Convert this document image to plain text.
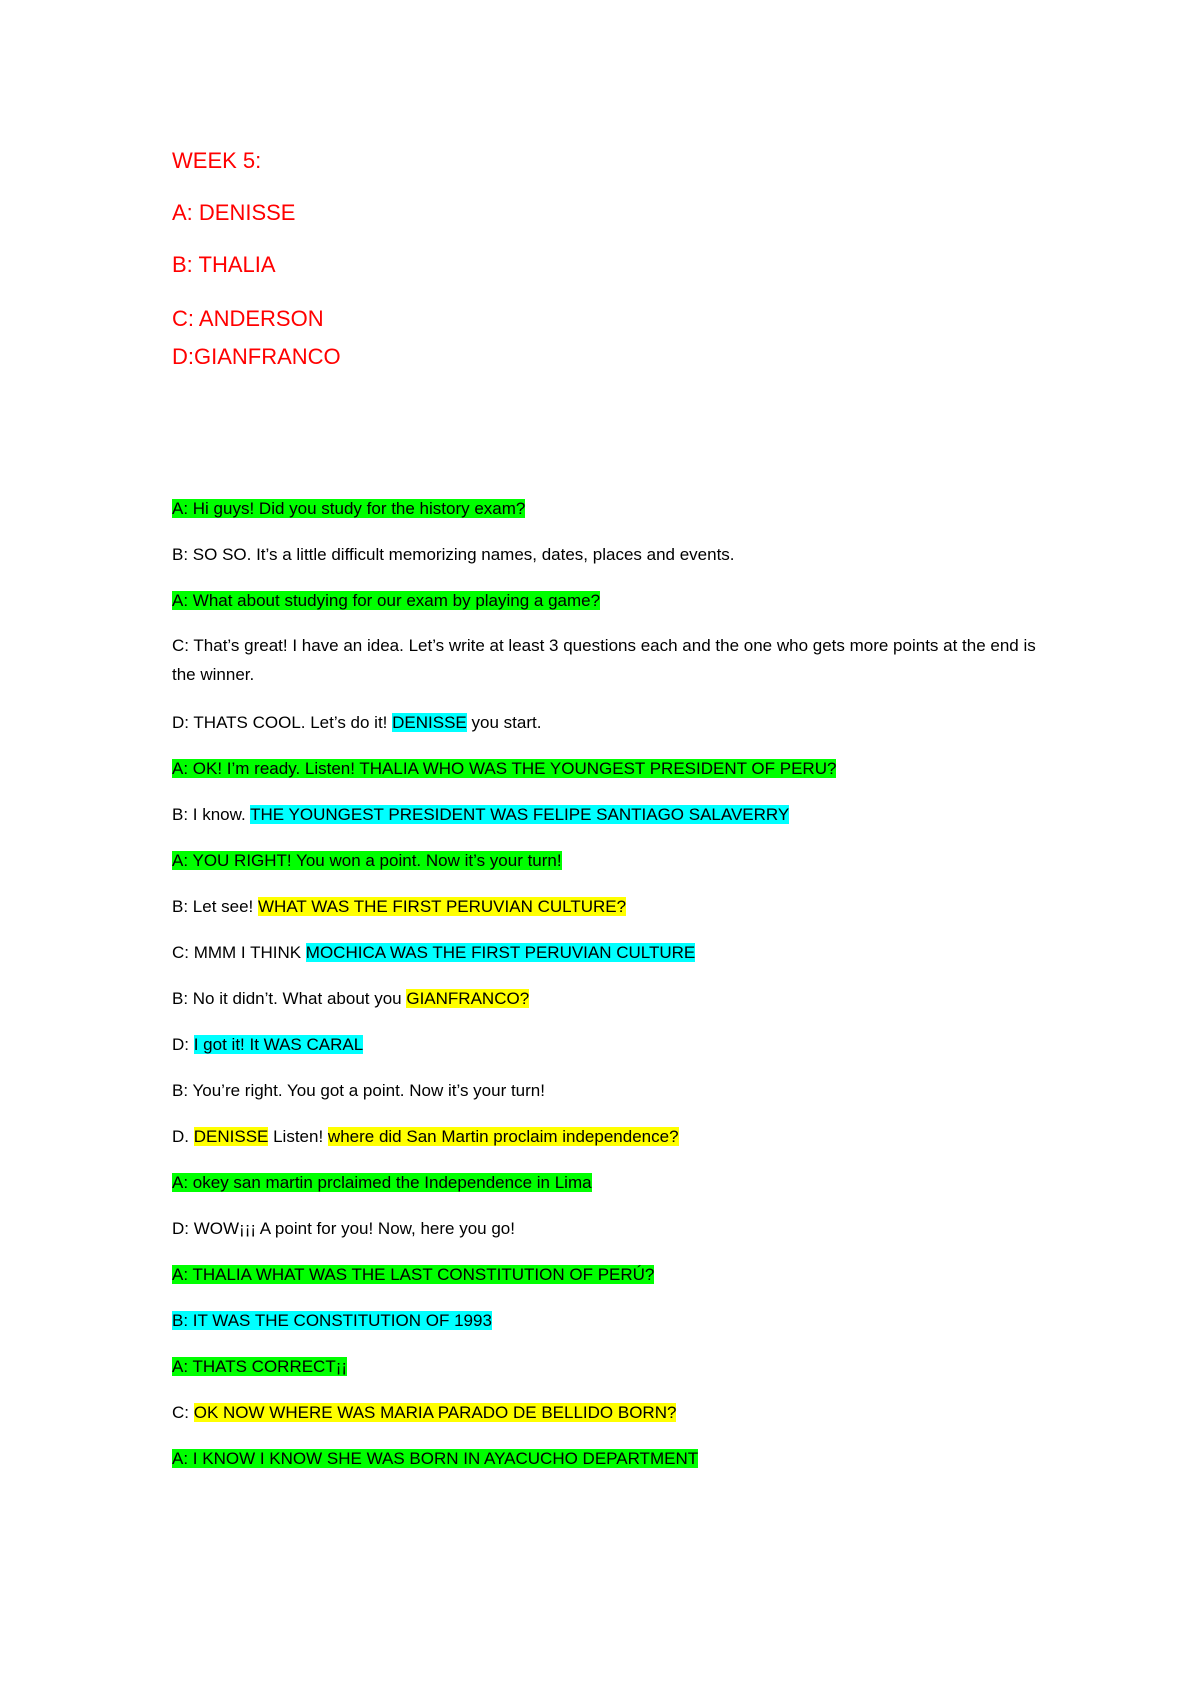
WEEK 5:
A: DENISSE
B: THALIA
C: ANDERSON
D:GIANFRANCO
A: Hi guys! Did you study for the history exam?
B: SO SO. It’s a little difficult memorizing names, dates, places and events.
A: What about studying for our exam by playing a game?
C: That’s great! I have an idea. Let’s write at least 3 questions each and the one who gets more points at the end is the winner.
D: THATS COOL. Let’s do it! DENISSE you start.
A: OK! I’m ready. Listen! THALIA WHO WAS THE YOUNGEST PRESIDENT OF PERU?
B: I know. THE YOUNGEST PRESIDENT WAS FELIPE SANTIAGO SALAVERRY
A: YOU RIGHT! You won a point. Now it’s your turn!
B: Let see! WHAT WAS THE FIRST PERUVIAN CULTURE?
C: MMM I THINK MOCHICA WAS THE FIRST PERUVIAN CULTURE
B: No it didn’t. What about you GIANFRANCO?
D: I got it! It WAS CARAL
B: You’re right. You got a point. Now it’s your turn!
D. DENISSE Listen! where did San Martin proclaim independence?
A: okey san martin prclaimed the Independence in Lima
D: WOW¡¡¡ A point for you! Now, here you go!
A: THALIA WHAT WAS THE LAST CONSTITUTION OF PERÚ?
B: IT WAS THE CONSTITUTION OF 1993
A: THATS CORRECT¡¡
C: OK NOW WHERE WAS MARIA PARADO DE BELLIDO BORN?
A: I KNOW I KNOW SHE WAS BORN IN AYACUCHO DEPARTMENT
